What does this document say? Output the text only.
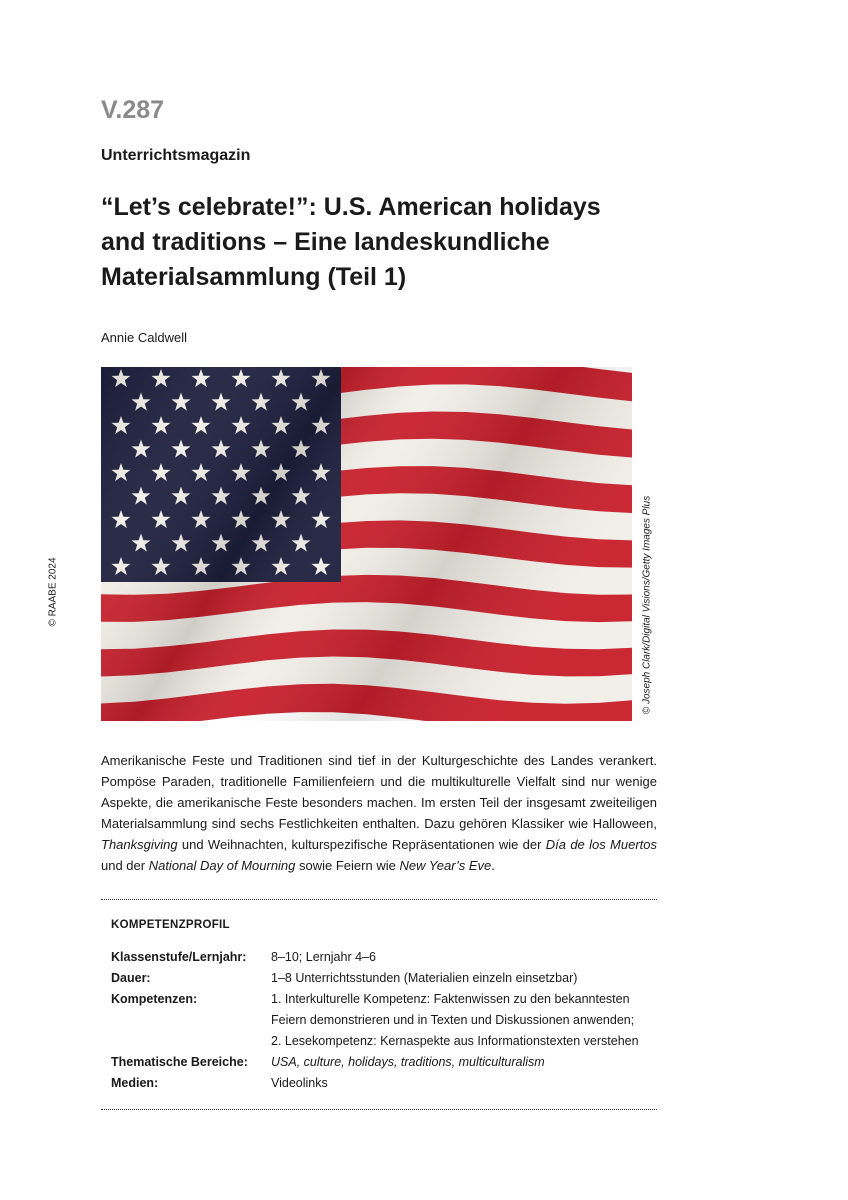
V.287
Unterrichtsmagazin
“Let’s celebrate!”: U.S. American holidays
and traditions – Eine landeskundliche
Materialsammlung (Teil 1)
Annie Caldwell
© RAABE 2024	© Joseph Clark/Digital Visions/Getty Images Plus

Amerikanische Feste und Traditionen sind tief in der Kulturgeschichte des Landes verankert. Pompöse Paraden, traditionelle Familienfeiern und die multikulturelle Vielfalt sind nur wenige Aspekte, die amerikanische Feste besonders machen. Im ersten Teil der insgesamt zweiteiligen Materialsammlung sind sechs Festlichkeiten enthalten. Dazu gehören Klassiker wie Halloween, Thanksgiving und Weihnachten, kulturspezifische Repräsentationen wie der Día de los Muertos und der National Day of Mourning sowie Feiern wie New Year’s Eve.

KOMPETENZPROFIL
Klassenstufe/Lernjahr:	8–10; Lernjahr 4–6
Dauer:	1–8 Unterrichtsstunden (Materialien einzeln einsetzbar)
Kompetenzen:	1. Interkulturelle Kompetenz: Faktenwissen zu den bekanntesten
Feiern demonstrieren und in Texten und Diskussionen anwenden;
2. Lesekompetenz: Kernaspekte aus Informationstexten verstehen
Thematische Bereiche:	USA, culture, holidays, traditions, multiculturalism
Medien:	Videolinks
